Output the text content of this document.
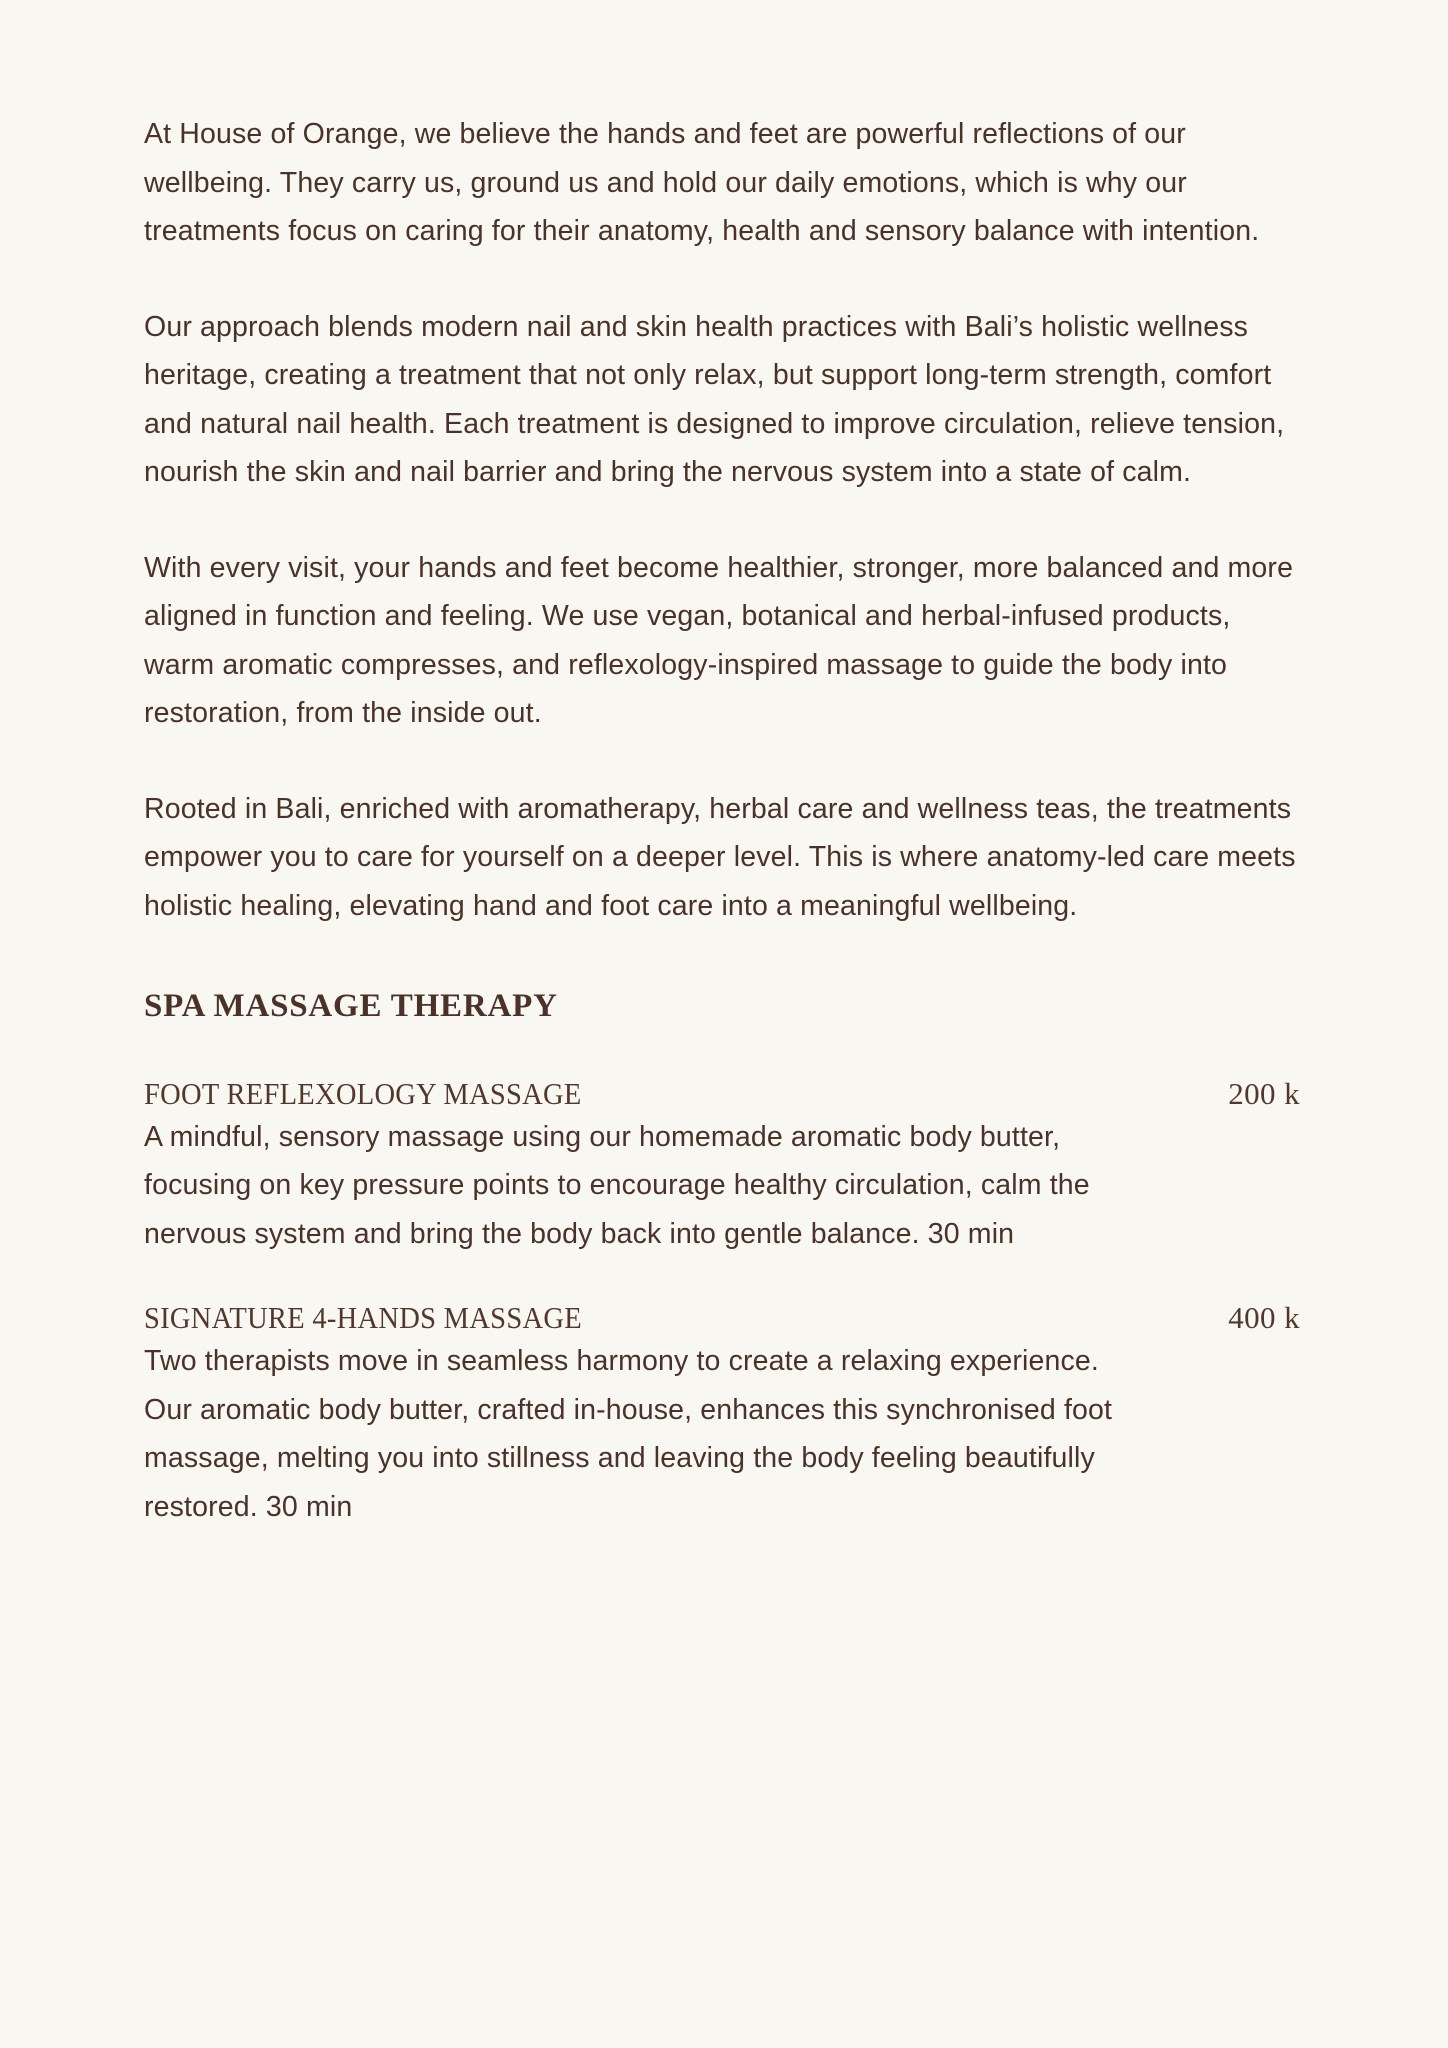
At House of Orange, we believe the hands and feet are powerful reflections of our wellbeing. They carry us, ground us and hold our daily emotions, which is why our treatments focus on caring for their anatomy, health and sensory balance with intention.

Our approach blends modern nail and skin health practices with Bali’s holistic wellness heritage, creating a treatment that not only relax, but support long-term strength, comfort and natural nail health. Each treatment is designed to improve circulation, relieve tension, nourish the skin and nail barrier and bring the nervous system into a state of calm.

With every visit, your hands and feet become healthier, stronger, more balanced and more aligned in function and feeling. We use vegan, botanical and herbal-infused products, warm aromatic compresses, and reflexology-inspired massage to guide the body into restoration, from the inside out.

Rooted in Bali, enriched with aromatherapy, herbal care and wellness teas, the treatments empower you to care for yourself on a deeper level. This is where anatomy-led care meets holistic healing, elevating hand and foot care into a meaningful wellbeing.

SPA MASSAGE THERAPY
FOOT REFLEXOLOGY MASSAGE	200 k

A mindful, sensory massage using our homemade aromatic body butter, focusing on key pressure points to encourage healthy circulation, calm the nervous system and bring the body back into gentle balance. 30 min

SIGNATURE 4-HANDS MASSAGE	400 k

Two therapists move in seamless harmony to create a relaxing experience. Our aromatic body butter, crafted in-house, enhances this synchronised foot massage, melting you into stillness and leaving the body feeling beautifully restored. 30 min
